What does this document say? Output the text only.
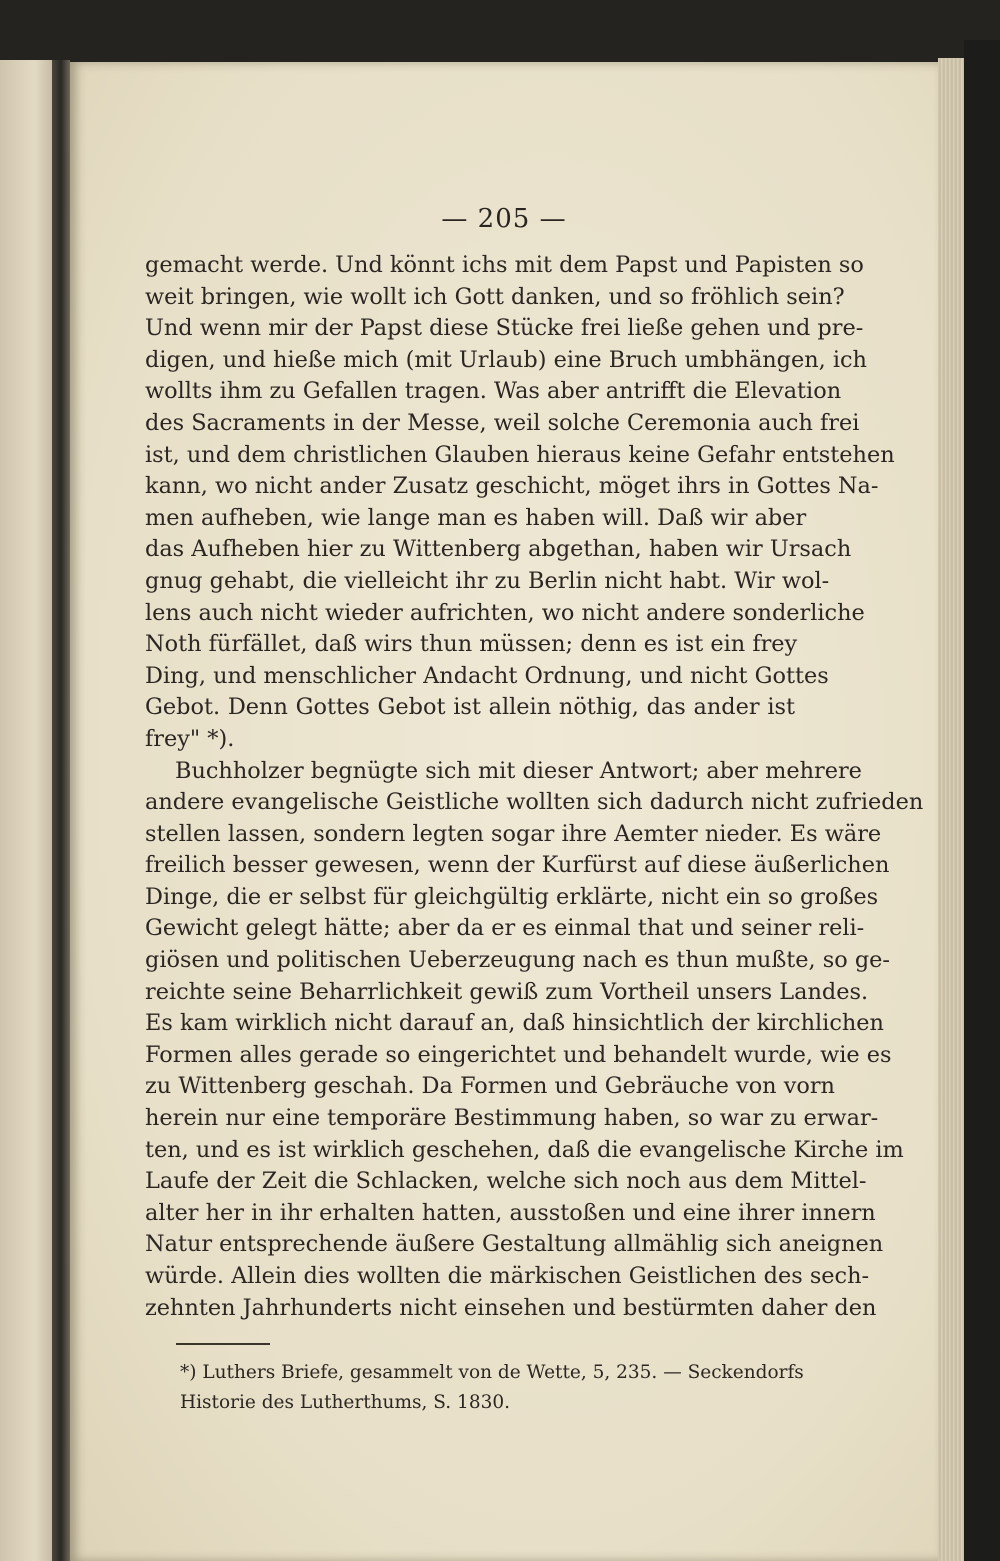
— 205 —
gemacht werde. Und könnt ichs mit dem Papst und Papisten so
weit bringen, wie wollt ich Gott danken, und so fröhlich sein?
Und wenn mir der Papst diese Stücke frei ließe gehen und pre-
digen, und hieße mich (mit Urlaub) eine Bruch umbhängen, ich
wollts ihm zu Gefallen tragen. Was aber antrifft die Elevation
des Sacraments in der Messe, weil solche Ceremonia auch frei
ist, und dem christlichen Glauben hieraus keine Gefahr entstehen
kann, wo nicht ander Zusatz geschicht, möget ihrs in Gottes Na-
men aufheben, wie lange man es haben will. Daß wir aber
das Aufheben hier zu Wittenberg abgethan, haben wir Ursach
gnug gehabt, die vielleicht ihr zu Berlin nicht habt. Wir wol-
lens auch nicht wieder aufrichten, wo nicht andere sonderliche
Noth fürfället, daß wirs thun müssen; denn es ist ein frey
Ding, und menschlicher Andacht Ordnung, und nicht Gottes
Gebot. Denn Gottes Gebot ist allein nöthig, das ander ist
frey" *).
Buchholzer begnügte sich mit dieser Antwort; aber mehrere
andere evangelische Geistliche wollten sich dadurch nicht zufrieden
stellen lassen, sondern legten sogar ihre Aemter nieder. Es wäre
freilich besser gewesen, wenn der Kurfürst auf diese äußerlichen
Dinge, die er selbst für gleichgültig erklärte, nicht ein so großes
Gewicht gelegt hätte; aber da er es einmal that und seiner reli-
giösen und politischen Ueberzeugung nach es thun mußte, so ge-
reichte seine Beharrlichkeit gewiß zum Vortheil unsers Landes.
Es kam wirklich nicht darauf an, daß hinsichtlich der kirchlichen
Formen alles gerade so eingerichtet und behandelt wurde, wie es
zu Wittenberg geschah. Da Formen und Gebräuche von vorn
herein nur eine temporäre Bestimmung haben, so war zu erwar-
ten, und es ist wirklich geschehen, daß die evangelische Kirche im
Laufe der Zeit die Schlacken, welche sich noch aus dem Mittel-
alter her in ihr erhalten hatten, ausstoßen und eine ihrer innern
Natur entsprechende äußere Gestaltung allmählig sich aneignen
würde. Allein dies wollten die märkischen Geistlichen des sech-
zehnten Jahrhunderts nicht einsehen und bestürmten daher den
*) Luthers Briefe, gesammelt von de Wette, 5, 235. — Seckendorfs
Historie des Lutherthums, S. 1830.
